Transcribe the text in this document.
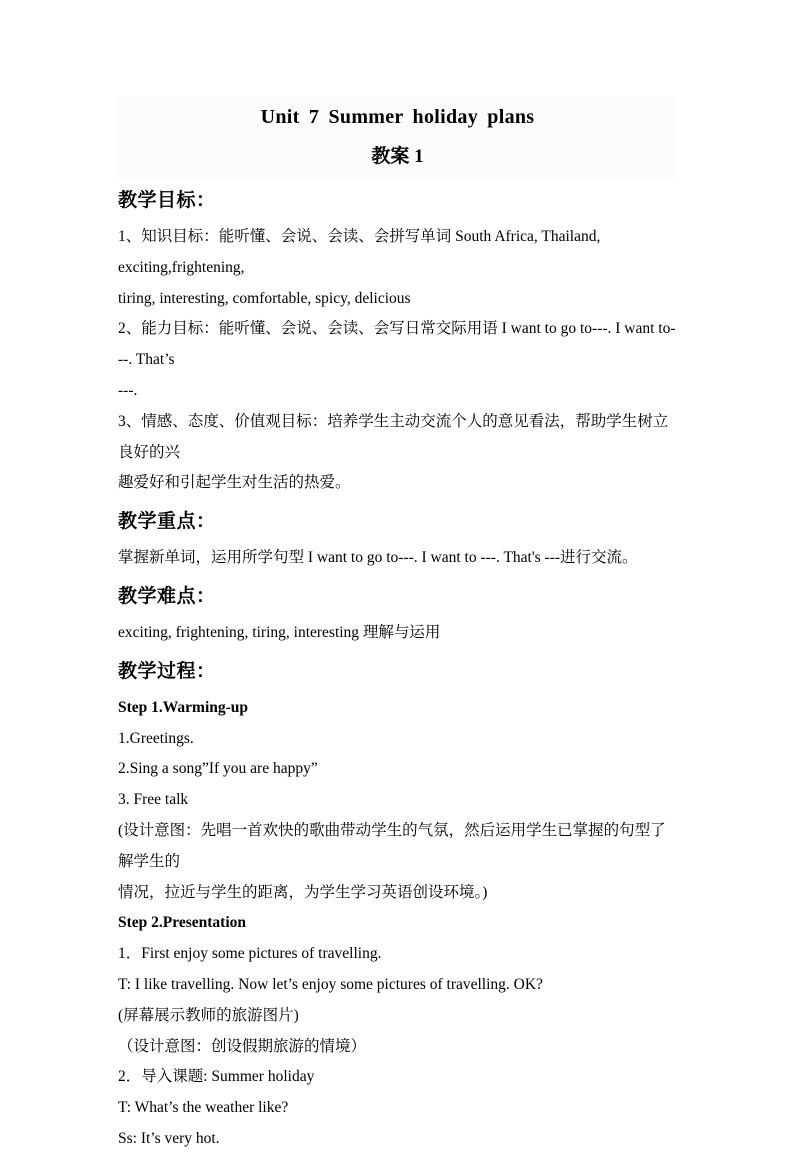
Unit 7 Summer holiday plans
教案 1
教学目标：
1、知识目标：能听懂、会说、会读、会拼写单词 South Africa, Thailand, exciting,frightening,
tiring, interesting, comfortable, spicy, delicious
2、能力目标：能听懂、会说、会读、会写日常交际用语 I want to go to---. I want to---. That’s
---.
3、情感、态度、价值观目标：培养学生主动交流个人的意见看法，帮助学生树立良好的兴
趣爱好和引起学生对生活的热爱。
教学重点：
掌握新单词，运用所学句型 I want to go to---. I want to ---. That's ---进行交流。
教学难点：
exciting, frightening, tiring, interesting 理解与运用
教学过程：
Step 1.Warming-up
1.Greetings.
2.Sing a song”If you are happy”
3. Free talk
(设计意图：先唱一首欢快的歌曲带动学生的气氛，然后运用学生已掌握的句型了解学生的
情况，拉近与学生的距离，为学生学习英语创设环境。)
Step 2.Presentation
1．First enjoy some pictures of travelling.
T: I like travelling. Now let’s enjoy some pictures of travelling. OK?
(屏幕展示教师的旅游图片)
（设计意图：创设假期旅游的情境）
2．导入课题: Summer holiday
T: What’s the weather like?
Ss: It’s very hot.
